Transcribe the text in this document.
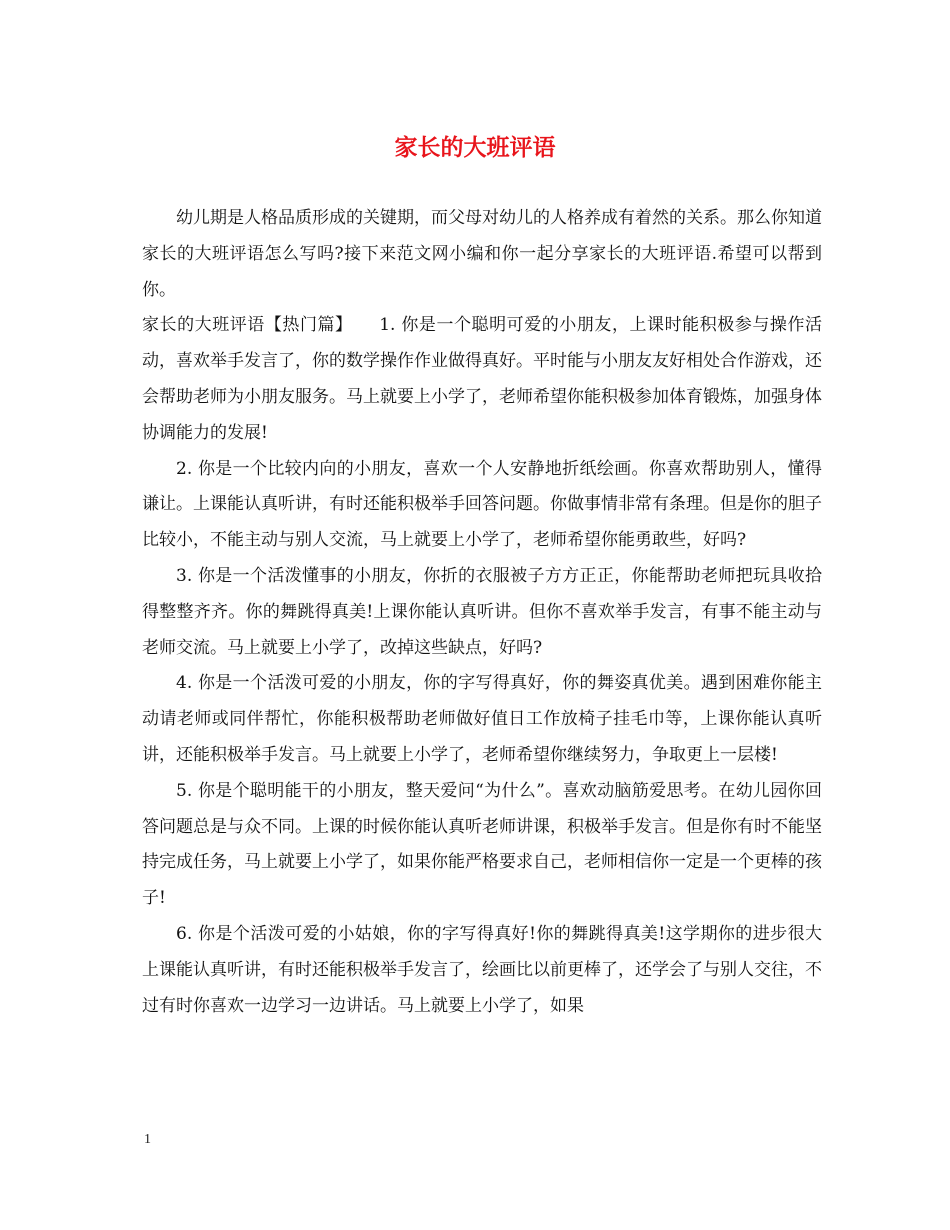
家长的大班评语

幼儿期是人格品质形成的关键期，而父母对幼儿的人格养成有着然的关系。那么你知道家长的大班评语怎么写吗?接下来范文网小编和你一起分享家长的大班评语.希望可以帮到你。

家长的大班评语【热门篇】　　1. 你是一个聪明可爱的小朋友，上课时能积极参与操作活动，喜欢举手发言了，你的数学操作作业做得真好。平时能与小朋友友好相处合作游戏，还会帮助老师为小朋友服务。马上就要上小学了，老师希望你能积极参加体育锻炼，加强身体协调能力的发展!

2. 你是一个比较内向的小朋友，喜欢一个人安静地折纸绘画。你喜欢帮助别人，懂得谦让。上课能认真听讲，有时还能积极举手回答问题。你做事情非常有条理。但是你的胆子比较小，不能主动与别人交流，马上就要上小学了，老师希望你能勇敢些，好吗?

3. 你是一个活泼懂事的小朋友，你折的衣服被子方方正正，你能帮助老师把玩具收拾得整整齐齐。你的舞跳得真美!上课你能认真听讲。但你不喜欢举手发言，有事不能主动与老师交流。马上就要上小学了，改掉这些缺点，好吗?

4. 你是一个活泼可爱的小朋友，你的字写得真好，你的舞姿真优美。遇到困难你能主动请老师或同伴帮忙，你能积极帮助老师做好值日工作放椅子挂毛巾等，上课你能认真听讲，还能积极举手发言。马上就要上小学了，老师希望你继续努力，争取更上一层楼!

5. 你是个聪明能干的小朋友，整天爱问“为什么”。喜欢动脑筋爱思考。在幼儿园你回答问题总是与众不同。上课的时候你能认真听老师讲课，积极举手发言。但是你有时不能坚持完成任务，马上就要上小学了，如果你能严格要求自己，老师相信你一定是一个更棒的孩子!

6. 你是个活泼可爱的小姑娘，你的字写得真好!你的舞跳得真美!这学期你的进步很大上课能认真听讲，有时还能积极举手发言了，绘画比以前更棒了，还学会了与别人交往，不过有时你喜欢一边学习一边讲话。马上就要上小学了，如果

1
